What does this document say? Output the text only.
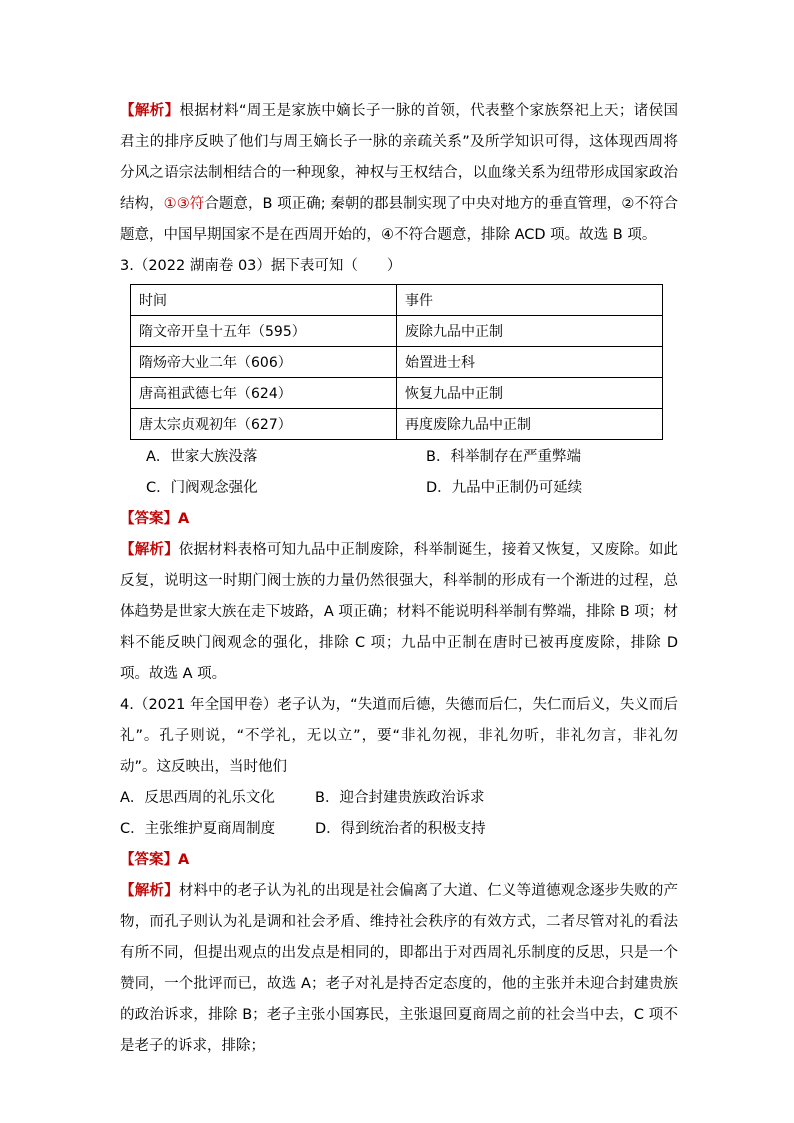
【解析】根据材料“周王是家族中嫡长子一脉的首领，代表整个家族祭祀上天；诸侯国君主的排序反映了他们与周王嫡长子一脉的亲疏关系”及所学知识可得，这体现西周将分风之语宗法制相结合的一种现象，神权与王权结合，以血缘关系为纽带形成国家政治结构，①③符合题意，B 项正确; 秦朝的郡县制实现了中央对地方的垂直管理，②不符合题意，中国早期国家不是在西周开始的，④不符合题意，排除 ACD 项。故选 B 项。

3.（2022 湖南卷 03）据下表可知（　　）

时间	事件
隋文帝开皇十五年（595）	废除九品中正制
隋炀帝大业二年（606）	始置进士科
唐高祖武德七年（624）	恢复九品中正制
唐太宗贞观初年（627）	再度废除九品中正制
A．世家大族没落	B．科举制存在严重弊端
C．门阀观念强化	D．九品中正制仍可延续

【答案】A

【解析】依据材料表格可知九品中正制废除，科举制诞生，接着又恢复，又废除。如此反复，说明这一时期门阀士族的力量仍然很强大，科举制的形成有一个渐进的过程，总体趋势是世家大族在走下坡路，A 项正确；材料不能说明科举制有弊端，排除 B 项；材料不能反映门阀观念的强化，排除 C 项；九品中正制在唐时已被再度废除，排除 D 项。故选 A 项。

4.（2021 年全国甲卷）老子认为，“失道而后德，失德而后仁，失仁而后义，失义而后礼”。孔子则说，“不学礼，无以立”，要“非礼勿视，非礼勿听，非礼勿言，非礼勿动”。这反映出，当时他们

A．反思西周的礼乐文化	B．迎合封建贵族政治诉求
C．主张维护夏商周制度	D．得到统治者的积极支持

【答案】A

【解析】材料中的老子认为礼的出现是社会偏离了大道、仁义等道德观念逐步失败的产物，而孔子则认为礼是调和社会矛盾、维持社会秩序的有效方式，二者尽管对礼的看法有所不同，但提出观点的出发点是相同的，即都出于对西周礼乐制度的反思，只是一个赞同，一个批评而已，故选 A；老子对礼是持否定态度的，他的主张并未迎合封建贵族的政治诉求，排除 B；老子主张小国寡民，主张退回夏商周之前的社会当中去，C 项不是老子的诉求，排除；
